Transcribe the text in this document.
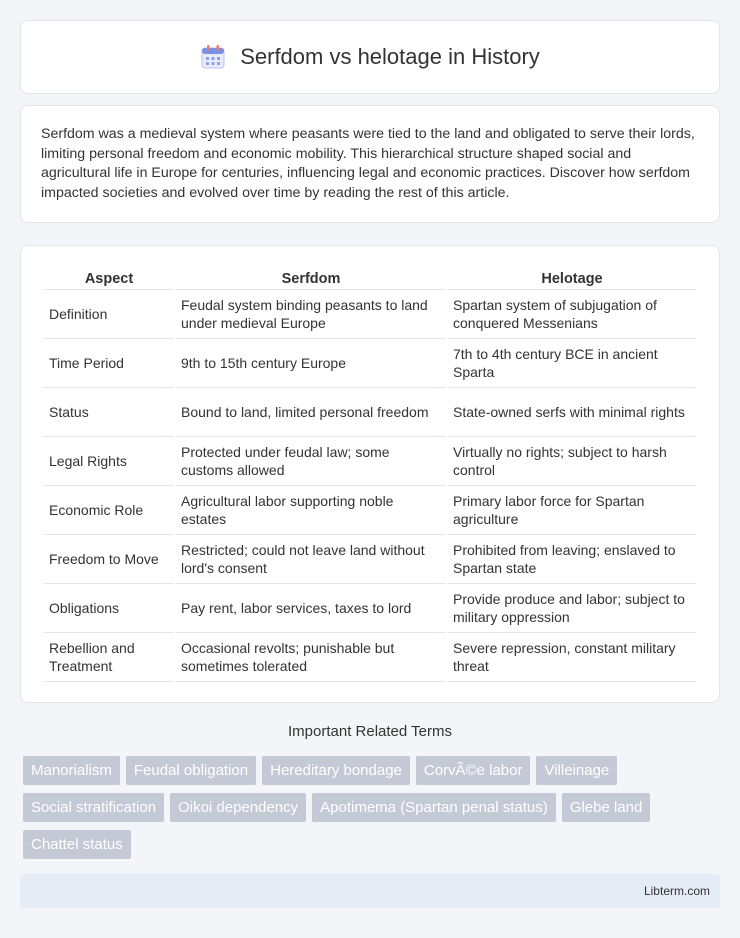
Serfdom vs helotage in History

Serfdom was a medieval system where peasants were tied to the land and obligated to serve their lords, limiting personal freedom and economic mobility. This hierarchical structure shaped social and agricultural life in Europe for centuries, influencing legal and economic practices. Discover how serfdom impacted societies and evolved over time by reading the rest of this article.

Aspect	Serfdom	Helotage
Definition	Feudal system binding peasants to land under medieval Europe	Spartan system of subjugation of conquered Messenians
Time Period	9th to 15th century Europe	7th to 4th century BCE in ancient Sparta
Status	Bound to land, limited personal freedom	State-owned serfs with minimal rights
Legal Rights	Protected under feudal law; some customs allowed	Virtually no rights; subject to harsh control
Economic Role	Agricultural labor supporting noble estates	Primary labor force for Spartan agriculture
Freedom to Move	Restricted; could not leave land without lord's consent	Prohibited from leaving; enslaved to Spartan state
Obligations	Pay rent, labor services, taxes to lord	Provide produce and labor; subject to military oppression
Rebellion and Treatment	Occasional revolts; punishable but sometimes tolerated	Severe repression, constant military threat
Important Related Terms
Manorialism	Feudal obligation	Hereditary bondage	CorvÃ©e labor	Villeinage
Social stratification	Oikoi dependency	Apotimema (Spartan penal status)	Glebe land
Chattel status
Libterm.com
